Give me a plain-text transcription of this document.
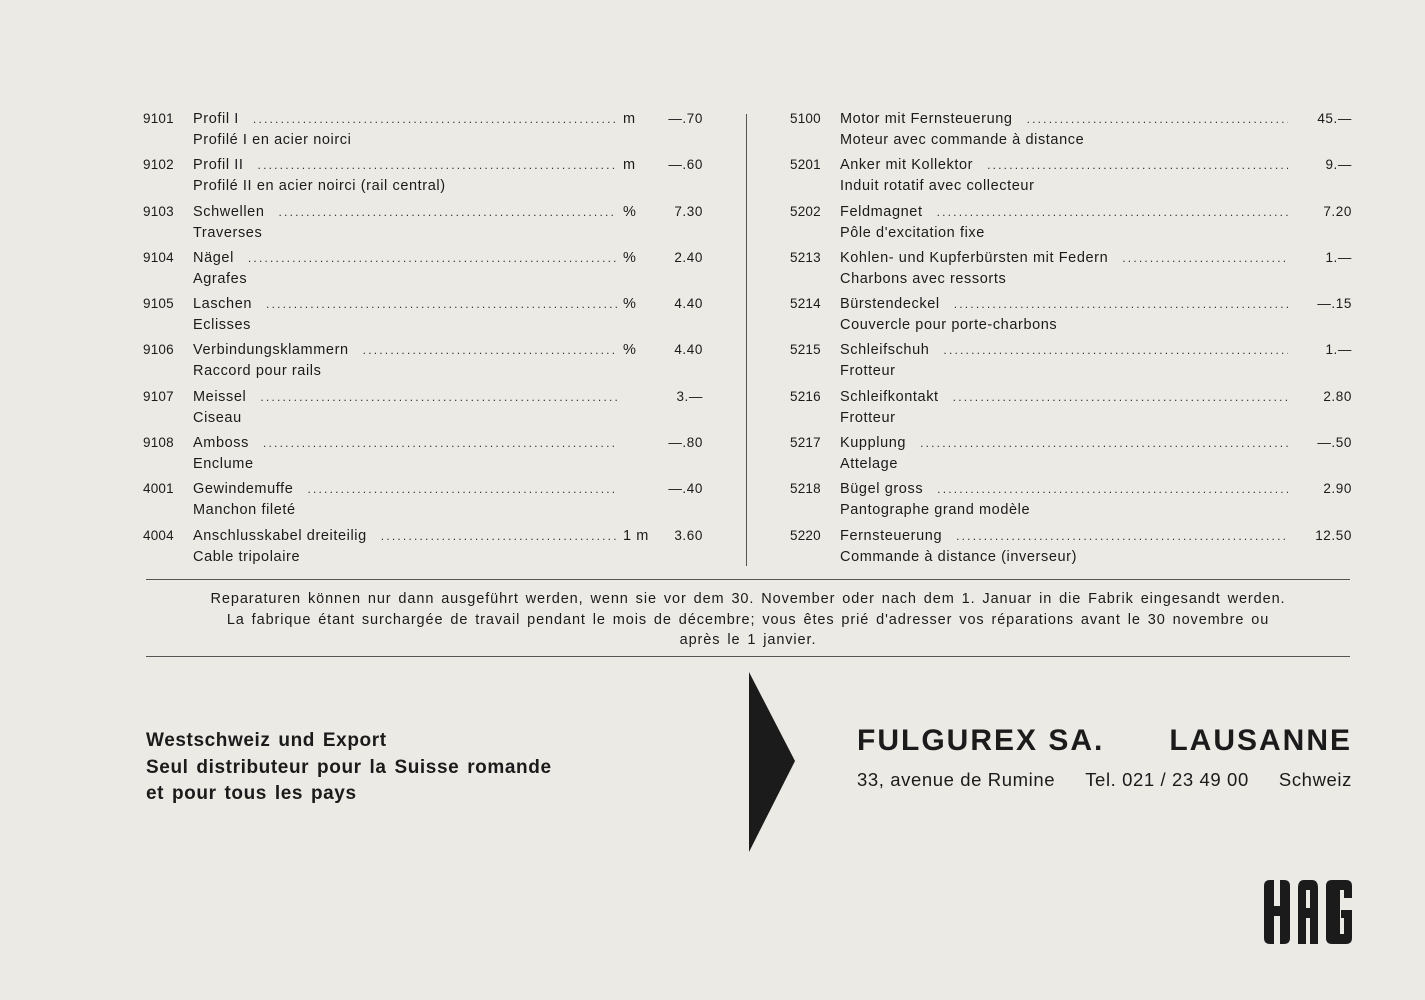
9101 Profil I .....	m	—.70
Profilé I en acier noirci
9102 Profil II .....	m	—.60
Profilé II en acier noirci (rail central)
9103 Schwellen .....	%	7.30
Traverses
9104 Nägel .....	%	2.40
Agrafes
9105 Laschen .....	%	4.40
Eclisses
9106 Verbindungsklammern .....	%	4.40
Raccord pour rails
9107 Meissel .....	3.—
Ciseau
9108 Amboss .....	—.80
Enclume
4001 Gewindemuffe .....	—.40
Manchon fileté
4004 Anschlusskabel dreiteilig .....	1 m	3.60
Cable tripolaire
5100 Motor mit Fernsteuerung .....	45.—
Moteur avec commande à distance
5201 Anker mit Kollektor .....	9.—
Induit rotatif avec collecteur
5202 Feldmagnet .....	7.20
Pôle d'excitation fixe
5213 Kohlen- und Kupferbürsten mit Federn .....	1.—
Charbons avec ressorts
5214 Bürstendeckel .....	—.15
Couvercle pour porte-charbons
5215 Schleifschuh .....	1.—
Frotteur
5216 Schleifkontakt .....	2.80
Frotteur
5217 Kupplung .....	—.50
Attelage
5218 Bügel gross .....	2.90
Pantographe grand modèle
5220 Fernsteuerung .....	12.50
Commande à distance (inverseur)
Reparaturen können nur dann ausgeführt werden, wenn sie vor dem 30. November oder nach dem 1. Januar in die Fabrik eingesandt werden.
La fabrique étant surchargée de travail pendant le mois de décembre; vous êtes prié d'adresser vos réparations avant le 30 novembre ou
après le 1 janvier.
Westschweiz und Export
Seul distributeur pour la Suisse romande
et pour tous les pays
FULGUREX SA. LAUSANNE
33, avenue de Rumine Tel. 021 / 23 49 00 Schweiz
